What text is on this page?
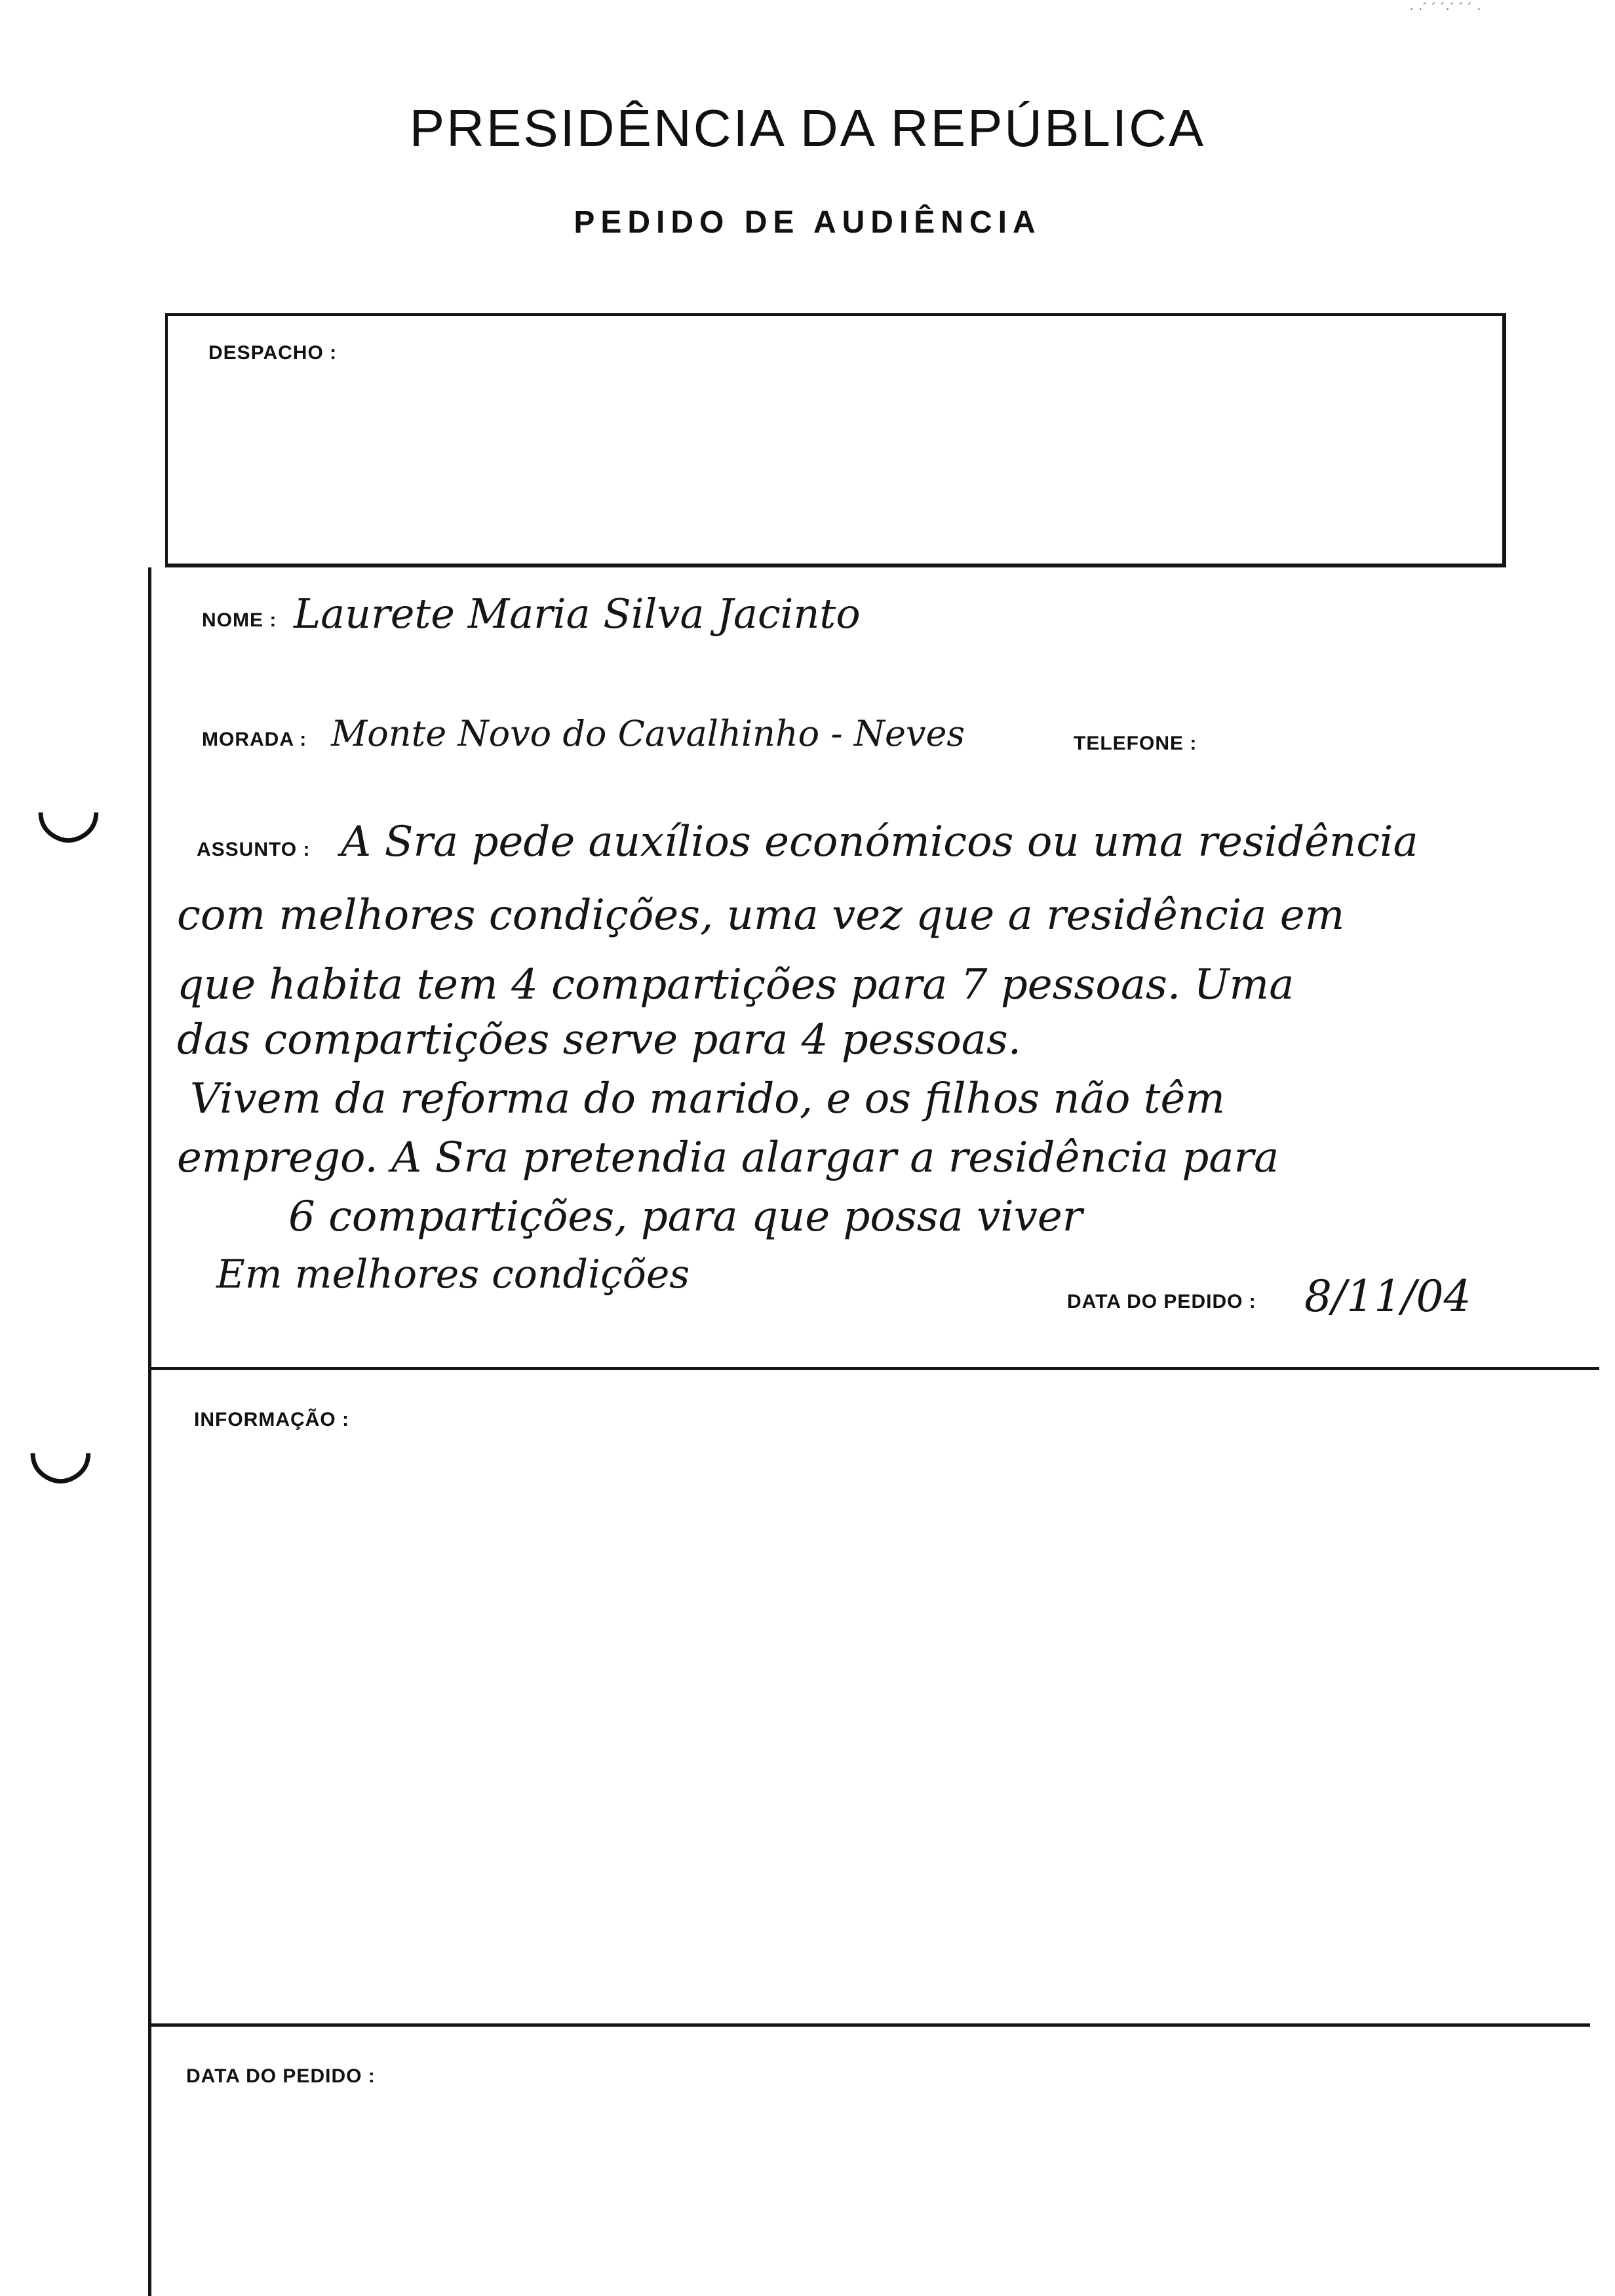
· ·´ ´ ´·´ ´ ´ ·
PRESIDÊNCIA DA REPÚBLICA
PEDIDO DE AUDIÊNCIA
◡
◡
DESPACHO :
NOME : Laurete Maria Silva Jacinto
MORADA : Monte Novo do Cavalhinho - Neves	TELEFONE :
ASSUNTO : A Sra pede auxílios económicos ou uma residência
com melhores condições, uma vez que a residência em
que habita tem 4 compartições para 7 pessoas. Uma
das compartições serve para 4 pessoas.
Vivem da reforma do marido, e os filhos não têm
emprego. A Sra pretendia alargar a residência para
6 compartições, para que possa viver
Em melhores condições
DATA DO PEDIDO : 8/11/04
INFORMAÇÃO :
DATA DO PEDIDO :
